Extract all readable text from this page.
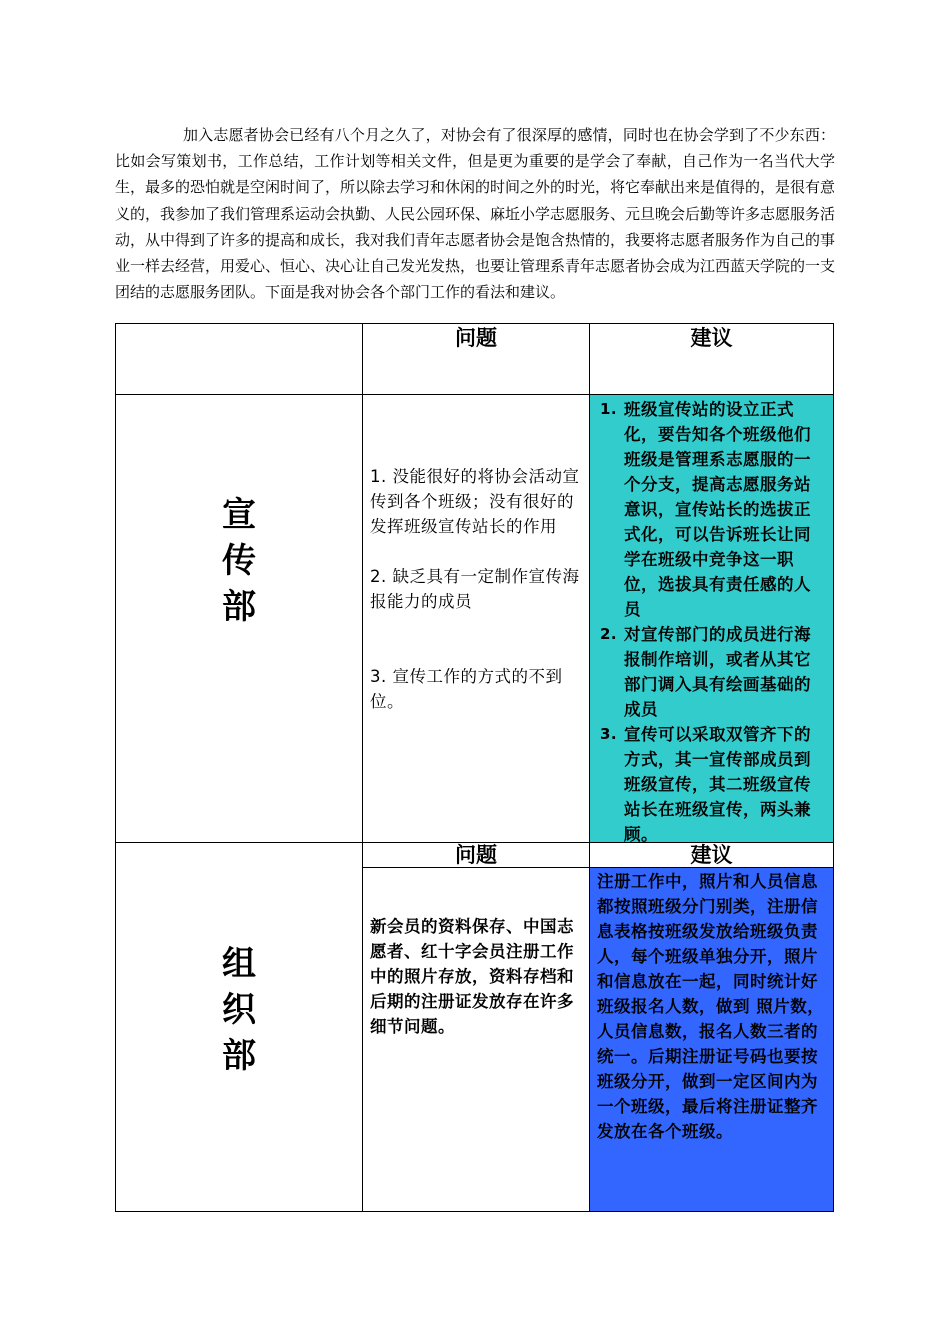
加入志愿者协会已经有八个月之久了，对协会有了很深厚的感情，同时也在协会学到了不少东西：比如会写策划书，工作总结，工作计划等相关文件，但是更为重要的是学会了奉献，自己作为一名当代大学生，最多的恐怕就是空闲时间了，所以除去学习和休闲的时间之外的时光，将它奉献出来是值得的，是很有意义的，我参加了我们管理系运动会执勤、人民公园环保、麻坵小学志愿服务、元旦晚会后勤等许多志愿服务活动，从中得到了许多的提高和成长，我对我们青年志愿者协会是饱含热情的，我要将志愿者服务作为自己的事业一样去经营，用爱心、恒心、决心让自己发光发热，也要让管理系青年志愿者协会成为江西蓝天学院的一支团结的志愿服务团队。下面是我对协会各个部门工作的看法和建议。

问题	建议
宣
传
部

1. 没能很好的将协会活动宣传到各个班级；没有很好的发挥班级宣传站长的作用

2. 缺乏具有一定制作宣传海报能力的成员

3. 宣传工作的方式的不到位。

1. 班级宣传站的设立正式化，要告知各个班级他们班级是管理系志愿服的一个分支，提高志愿服务站意识，宣传站长的选拔正式化，可以告诉班长让同学在班级中竞争这一职位，选拔具有责任感的人员
2. 对宣传部门的成员进行海报制作培训，或者从其它部门调入具有绘画基础的成员
3. 宣传可以采取双管齐下的方式，其一宣传部成员到班级宣传，其二班级宣传站长在班级宣传，两头兼顾。
问题	建议
组
织
部

新会员的资料保存、中国志愿者、红十字会员注册工作中的照片存放，资料存档和后期的注册证发放存在许多细节问题。

注册工作中，照片和人员信息都按照班级分门别类，注册信息表格按班级发放给班级负责人，每个班级单独分开，照片和信息放在一起，同时统计好班级报名人数，做到 照片数，人员信息数，报名人数三者的统一。后期注册证号码也要按班级分开，做到一定区间内为一个班级，最后将注册证整齐发放在各个班级。
